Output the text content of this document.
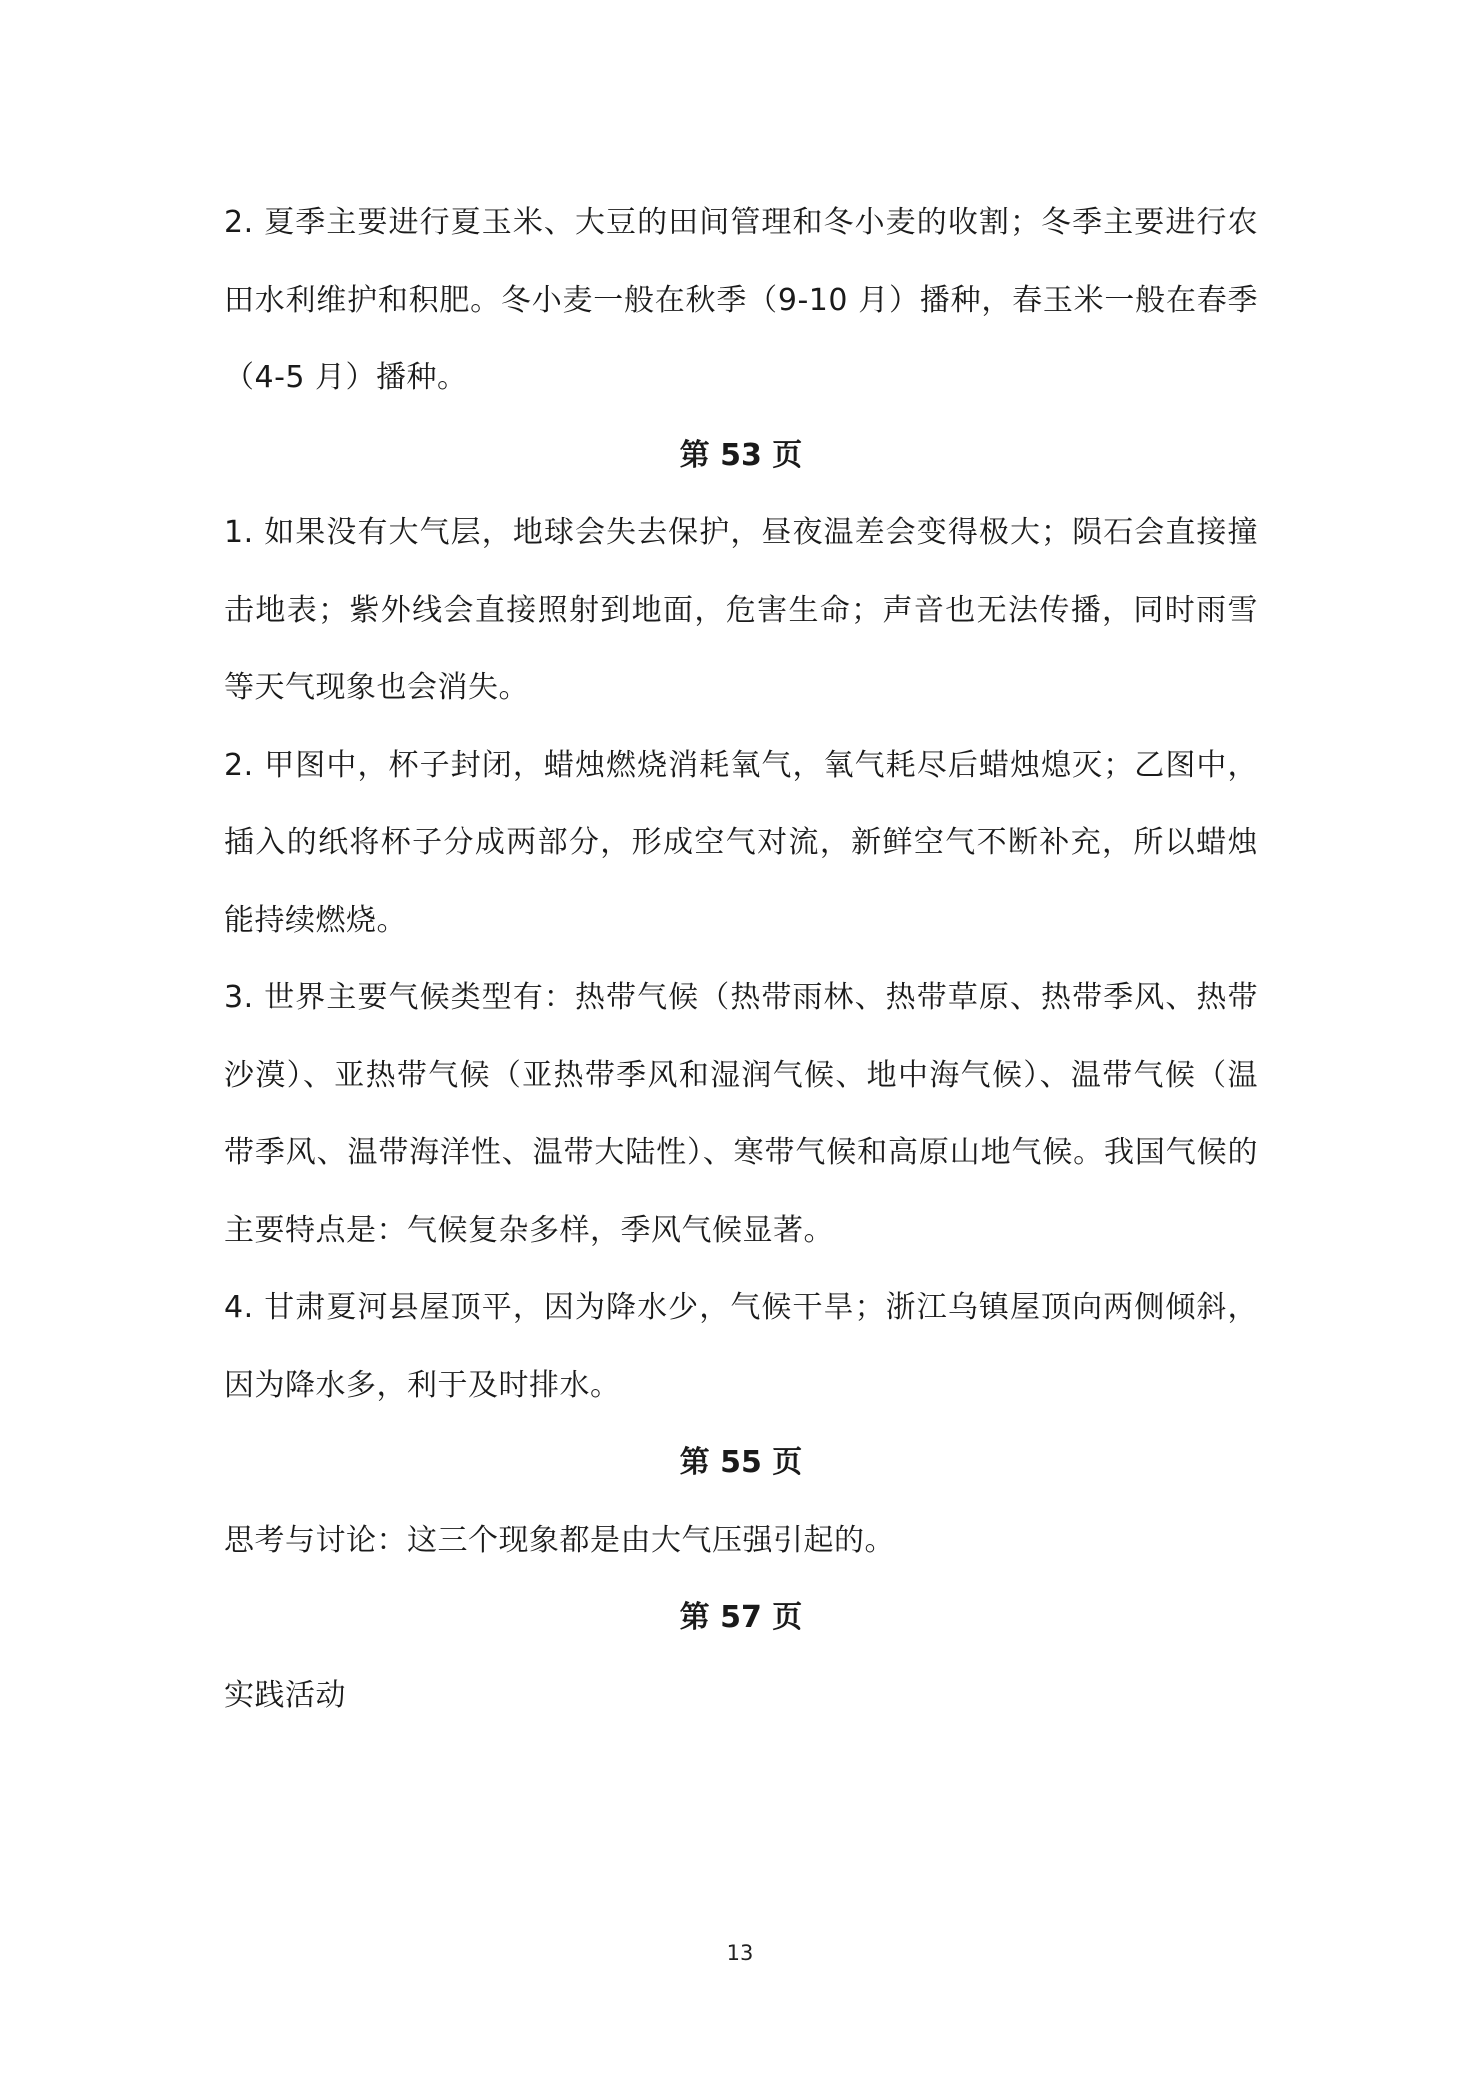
2. 夏季主要进行夏玉米、大豆的田间管理和冬小麦的收割；冬季主要进行农田水利维护和积肥。冬小麦一般在秋季（9-10 月）播种，春玉米一般在春季（4-5 月）播种。

第 53 页

1. 如果没有大气层，地球会失去保护，昼夜温差会变得极大；陨石会直接撞击地表；紫外线会直接照射到地面，危害生命；声音也无法传播，同时雨雪等天气现象也会消失。

2. 甲图中，杯子封闭，蜡烛燃烧消耗氧气，氧气耗尽后蜡烛熄灭；乙图中，插入的纸将杯子分成两部分，形成空气对流，新鲜空气不断补充，所以蜡烛能持续燃烧。

3. 世界主要气候类型有：热带气候（热带雨林、热带草原、热带季风、热带沙漠）、亚热带气候（亚热带季风和湿润气候、地中海气候）、温带气候（温带季风、温带海洋性、温带大陆性）、寒带气候和高原山地气候。我国气候的主要特点是：气候复杂多样，季风气候显著。

4. 甘肃夏河县屋顶平，因为降水少，气候干旱；浙江乌镇屋顶向两侧倾斜，因为降水多，利于及时排水。

第 55 页

思考与讨论：这三个现象都是由大气压强引起的。

第 57 页

实践活动

13
